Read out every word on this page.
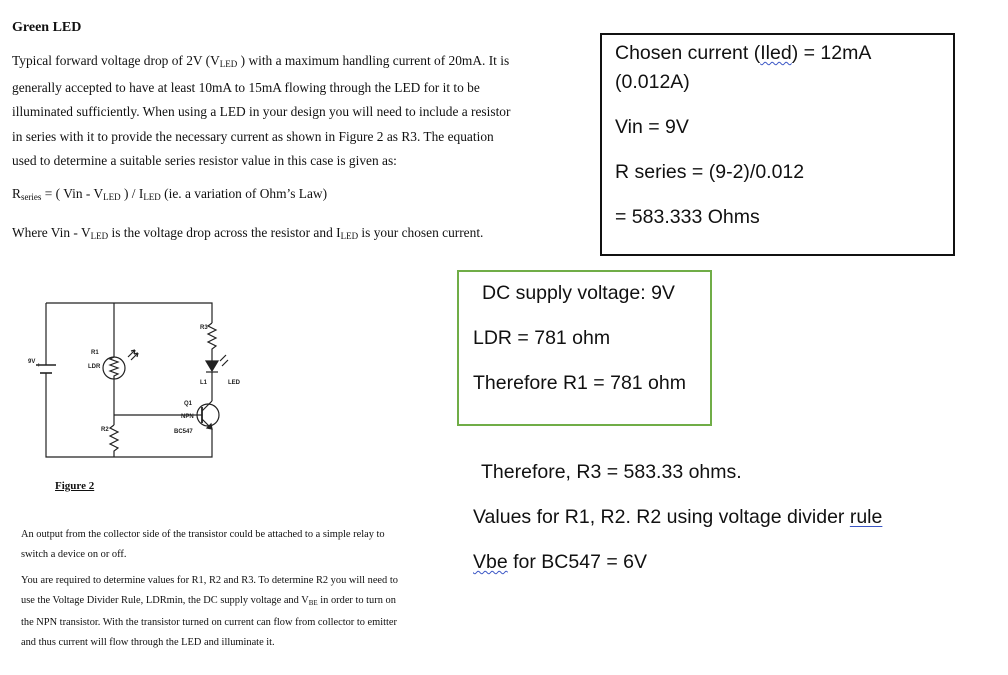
Green LED
Typical forward voltage drop of 2V ($V_{LED}$ ) with a maximum handling current of 20mA. It is
generally accepted to have at least 10mA to 15mA flowing through the LED for it to be
illuminated sufficiently. When using a LED in your design you will need to include a resistor
in series with it to provide the necessary current as shown in Figure 2 as R3. The equation
used to determine a suitable series resistor value in this case is given as:
$R_{series}$ = ( Vin - $V_{LED}$ ) / $I_{LED}$ (ie. a variation of Ohm’s Law)
Where Vin - $V_{LED}$ is the voltage drop across the resistor and $I_{LED}$ is your chosen current.
9V
+
R1
LDR
R2
R3
L1	LED
Q1
NPN
BC547
Figure 2
An output from the collector side of the transistor could be attached to a simple relay to
switch a device on or off.
You are required to determine values for R1, R2 and R3. To determine R2 you will need to
use the Voltage Divider Rule, LDRmin, the DC supply voltage and $V_{BE}$ in order to turn on
the NPN transistor. With the transistor turned on current can flow from collector to emitter
and thus current will flow through the LED and illuminate it.
Chosen current (Iled) = 12mA
(0.012A)
Vin = 9V
R series = (9-2)/0.012
= 583.333 Ohms
DC supply voltage: 9V
LDR = 781 ohm
Therefore R1 = 781 ohm
Therefore, R3 = 583.33 ohms.
Values for R1, R2. R2 using voltage divider rule
Vbe for BC547 = 6V
